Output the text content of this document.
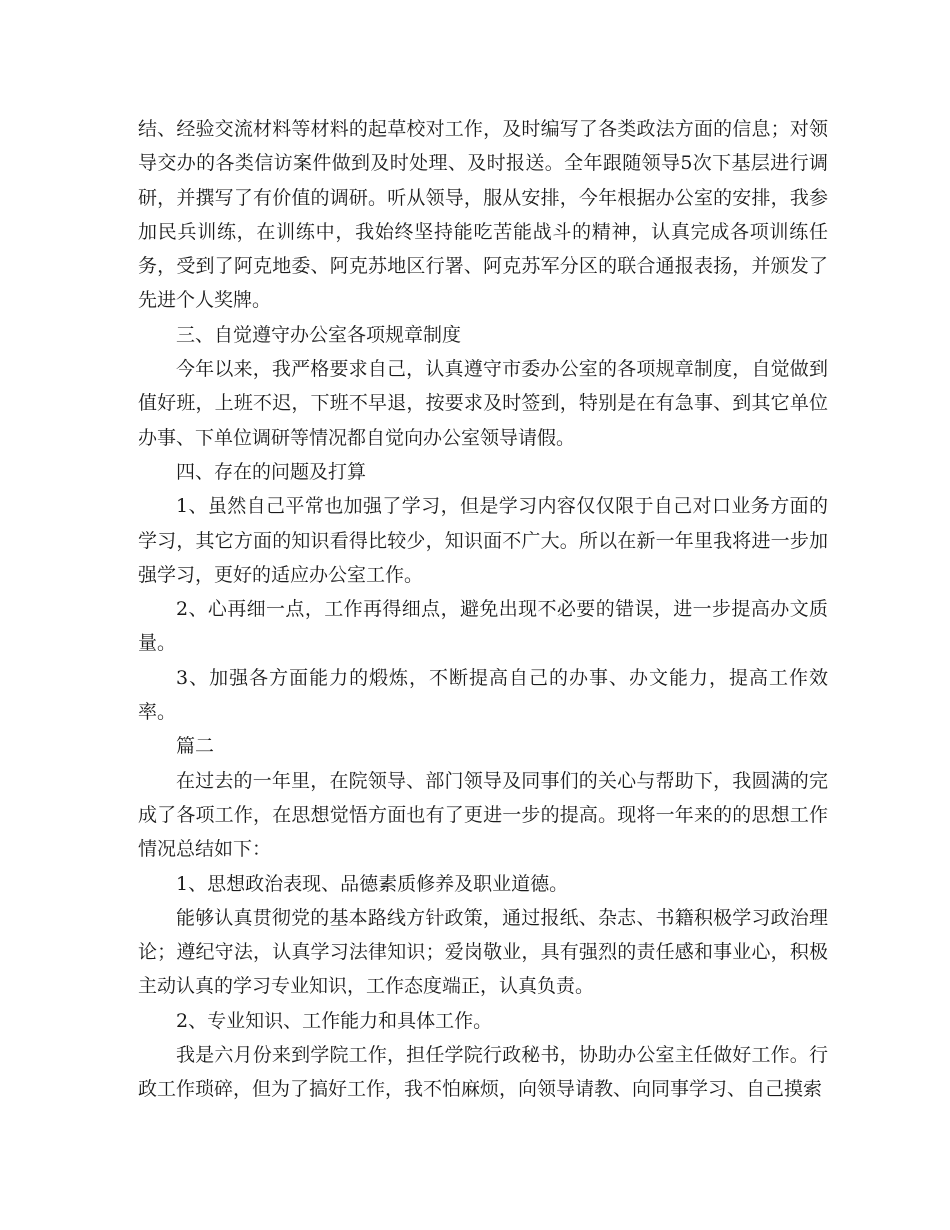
结、经验交流材料等材料的起草校对工作，及时编写了各类政法方面的信息；对领导交办的各类信访案件做到及时处理、及时报送。全年跟随领导5次下基层进行调研，并撰写了有价值的调研。听从领导，服从安排，今年根据办公室的安排，我参加民兵训练，在训练中，我始终坚持能吃苦能战斗的精神，认真完成各项训练任务，受到了阿克地委、阿克苏地区行署、阿克苏军分区的联合通报表扬，并颁发了先进个人奖牌。

三、自觉遵守办公室各项规章制度

今年以来，我严格要求自己，认真遵守市委办公室的各项规章制度，自觉做到值好班，上班不迟，下班不早退，按要求及时签到，特别是在有急事、到其它单位办事、下单位调研等情况都自觉向办公室领导请假。

四、存在的问题及打算

1、虽然自己平常也加强了学习，但是学习内容仅仅限于自己对口业务方面的学习，其它方面的知识看得比较少，知识面不广大。所以在新一年里我将进一步加强学习，更好的适应办公室工作。

2、心再细一点，工作再得细点，避免出现不必要的错误，进一步提高办文质量。

3、加强各方面能力的煅炼，不断提高自己的办事、办文能力，提高工作效率。

篇二

在过去的一年里，在院领导、部门领导及同事们的关心与帮助下，我圆满的完成了各项工作，在思想觉悟方面也有了更进一步的提高。现将一年来的的思想工作情况总结如下：

1、思想政治表现、品德素质修养及职业道德。

能够认真贯彻党的基本路线方针政策，通过报纸、杂志、书籍积极学习政治理论；遵纪守法，认真学习法律知识；爱岗敬业，具有强烈的责任感和事业心，积极主动认真的学习专业知识，工作态度端正，认真负责。

2、专业知识、工作能力和具体工作。

我是六月份来到学院工作，担任学院行政秘书，协助办公室主任做好工作。行政工作琐碎，但为了搞好工作，我不怕麻烦，向领导请教、向同事学习、自己摸索
